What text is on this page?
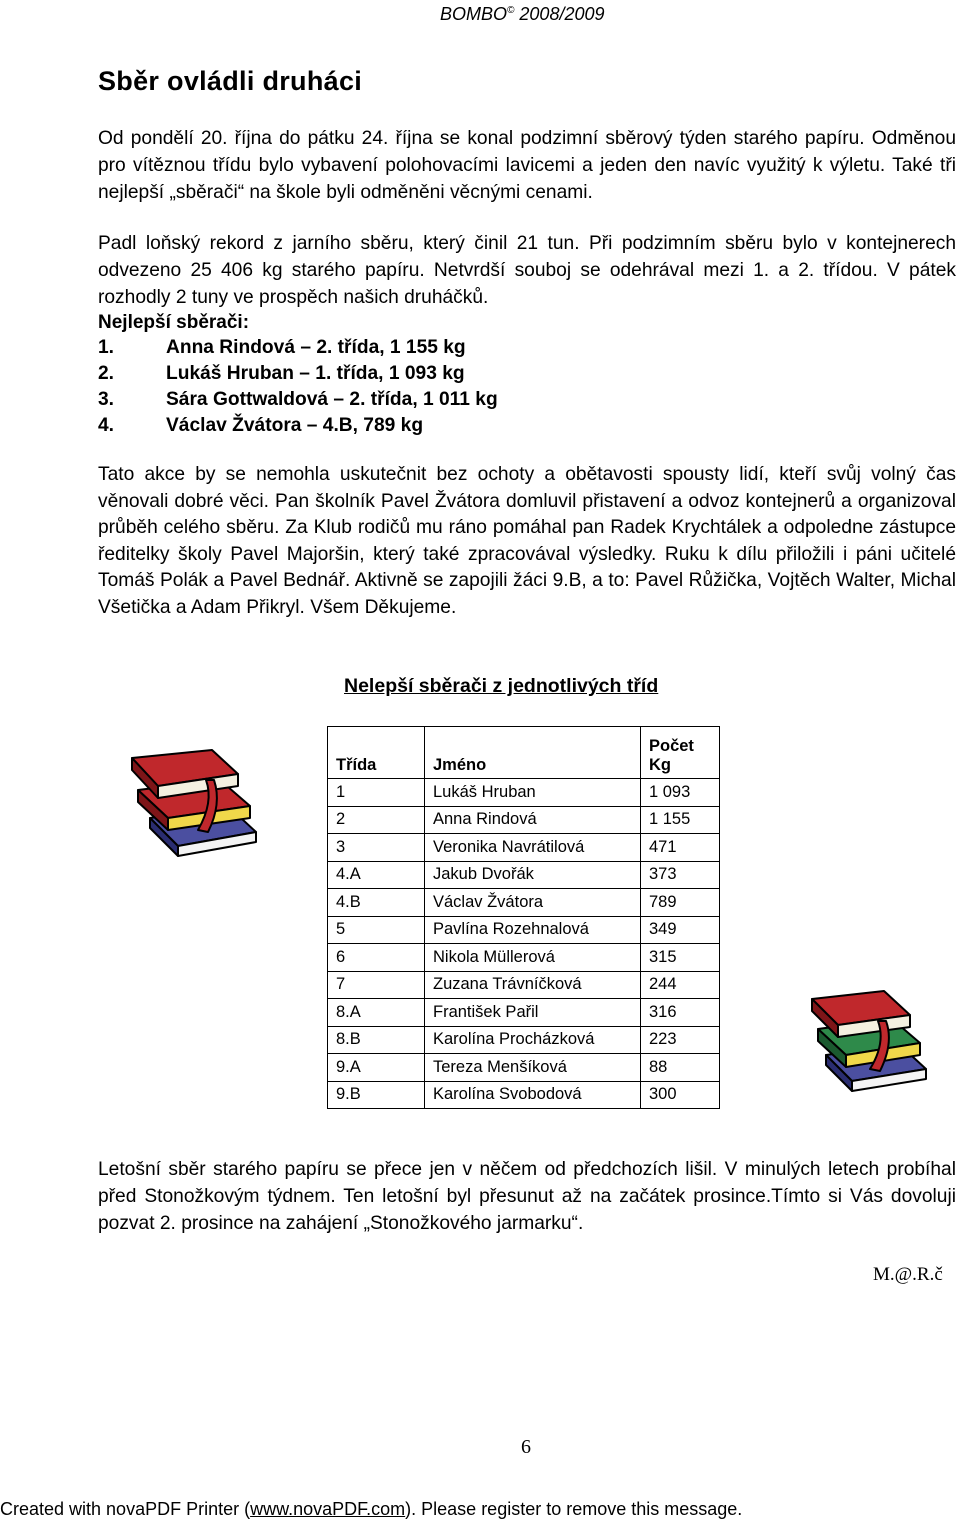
BOMBO© 2008/2009
Sběr ovládli druháci
Od pondělí 20. října do pátku 24. října se konal podzimní sběrový týden starého papíru. Odměnou pro vítěznou třídu bylo vybavení polohovacími lavicemi a jeden den navíc využitý k výletu. Také tři nejlepší „sběrači“ na škole byli odměněni věcnými cenami.
Padl loňský rekord z jarního sběru, který činil 21 tun. Při podzimním sběru bylo v kontejnerech odvezeno 25 406 kg starého papíru. Netvrdší souboj se odehrával mezi 1. a 2. třídou. V pátek rozhodly 2 tuny ve prospěch našich druháčků.
Nejlepší sběrači:
1.	Anna Rindová – 2. třída, 1 155 kg
2.	Lukáš Hruban – 1. třída, 1 093 kg
3.	Sára Gottwaldová – 2. třída, 1 011 kg
4.	Václav Žvátora – 4.B, 789 kg
Tato akce by se nemohla uskutečnit bez ochoty a obětavosti spousty lidí, kteří svůj volný čas věnovali dobré věci. Pan školník Pavel Žvátora domluvil přistavení a odvoz kontejnerů a organizoval průběh celého sběru. Za Klub rodičů mu ráno pomáhal pan Radek Krychtálek a odpoledne zástupce ředitelky školy Pavel Majoršin, který také zpracovával výsledky. Ruku k dílu přiložili i páni učitelé Tomáš Polák a Pavel Bednář. Aktivně se zapojili žáci 9.B, a to: Pavel Růžička, Vojtěch Walter, Michal Všetička a Adam Přikryl. Všem Děkujeme.
Nelepší sběrači z jednotlivých tříd
Třída	Jméno	Počet
Kg
1	Lukáš Hruban	1 093
2	Anna Rindová	1 155
3	Veronika Navrátilová	471
4.A	Jakub Dvořák	373
4.B	Václav Žvátora	789
5	Pavlína Rozehnalová	349
6	Nikola Müllerová	315
7	Zuzana Trávníčková	244
8.A	František Pařil	316
8.B	Karolína Procházková	223
9.A	Tereza Menšíková	88
9.B	Karolína Svobodová	300
Letošní sběr starého papíru se přece jen v něčem od předchozích lišil. V minulých letech probíhal před Stonožkovým týdnem. Ten letošní byl přesunut až na začátek prosince.Tímto si Vás dovoluji pozvat 2. prosince na zahájení „Stonožkového jarmarku“.
M.@.R.č
6
Created with novaPDF Printer (www.novaPDF.com). Please register to remove this message.
